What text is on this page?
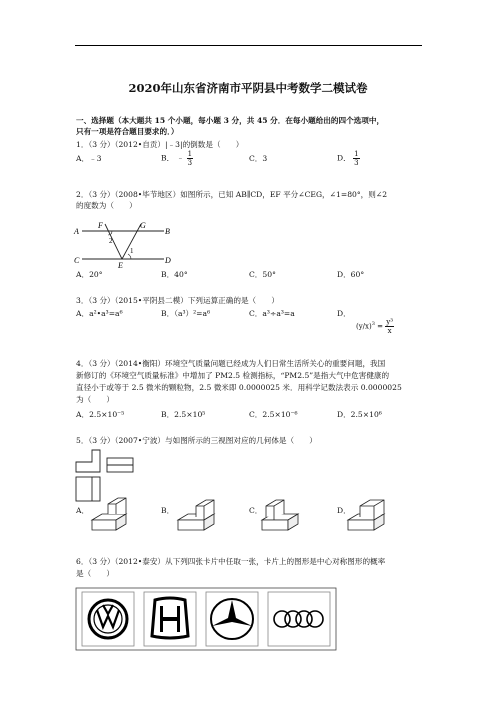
2020年山东省济南市平阴县中考数学二模试卷
一、选择题（本大题共 15 个小题，每小题 3 分，共 45 分．在每小题给出的四个选项中，
只有一项是符合题目要求的．）
1．（3 分）（2012•自贡）|﹣3|的倒数是（　　）
A．﹣3	B． ﹣ $\frac{1}{3}$	C．3	D． $\frac{1}{3}$
2．（3 分）（2008•毕节地区）如图所示，已知 AB∥CD，EF 平分∠CEG，∠1=80°，则∠2
的度数为（　　）
A	B
C	D
E
F	G
1
2
A．20°	B．40°	C．50°	D．60°
3．（3 分）（2015•平阴县二模）下列运算正确的是（　　）
A．a²•a³=a⁶	B．（a³）²=a⁶	C．a³÷a³=a	D．
$(y/x)^3 = \frac{\text{y³}}{x}$
4．（3 分）（2014•衡阳）环境空气质量问题已经成为人们日常生活所关心的重要问题，我国
新修订的《环境空气质量标准》中增加了 PM2.5 检测指标，“PM2.5”是指大气中危害健康的
直径小于或等于 2.5 微米的颗粒物，2.5 微米即 0.0000025 米．用科学记数法表示 0.0000025
为（　　）
A．2.5×10⁻⁵	B．2.5×10⁵	C．2.5×10⁻⁶	D．2.5×10⁶
5．（3 分）（2007•宁波）与如图所示的三视图对应的几何体是（　　）
A．	B．	C．	D．
6．（3 分）（2012•泰安）从下列四张卡片中任取一张，卡片上的图形是中心对称图形的概率
是（　　）
